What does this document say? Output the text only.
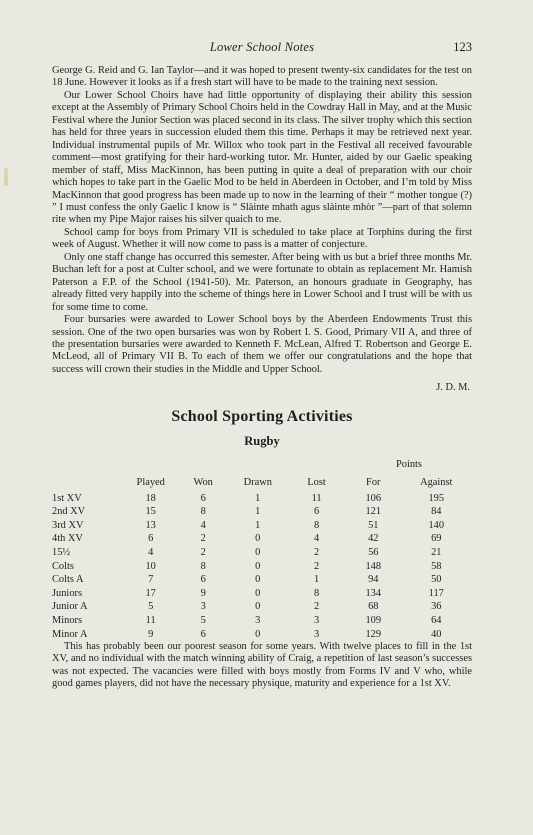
Lower School Notes	123

George G. Reid and G. Ian Taylor—and it was hoped to present twenty-six candidates for the test on 18 June. However it looks as if a fresh start will have to be made to the training next session.

Our Lower School Choirs have had little opportunity of displaying their ability this session except at the Assembly of Primary School Choirs held in the Cowdray Hall in May, and at the Music Festival where the Junior Section was placed second in its class. The silver trophy which this section has held for three years in succession eluded them this time. Perhaps it may be retrieved next year. Individual instrumental pupils of Mr. Willox who took part in the Festival all received favourable comment—most gratifying for their hard-working tutor. Mr. Hunter, aided by our Gaelic speaking member of staff, Miss MacKinnon, has been putting in quite a deal of preparation with our choir which hopes to take part in the Gaelic Mod to be held in Aberdeen in October, and I’m told by Miss MacKinnon that good progress has been made up to now in the learning of their “ mother tongue (?) ” I must confess the only Gaelic I know is “ Slàinte mhath agus slàinte mhòr ”—part of that solemn rite when my Pipe Major raises his silver quaich to me.

School camp for boys from Primary VII is scheduled to take place at Torphins during the first week of August. Whether it will now come to pass is a matter of conjecture.

Only one staff change has occurred this semester. After being with us but a brief three months Mr. Buchan left for a post at Culter school, and we were fortunate to obtain as replacement Mr. Hamish Paterson a F.P. of the School (1941-50). Mr. Paterson, an honours graduate in Geography, has already fitted very happily into the scheme of things here in Lower School and I trust will be with us for some time to come.

Four bursaries were awarded to Lower School boys by the Aberdeen Endowments Trust this session. One of the two open bursaries was won by Robert I. S. Good, Primary VII A, and three of the presentation bursaries were awarded to Kenneth F. McLean, Alfred T. Robertson and George E. McLeod, all of Primary VII B. To each of them we offer our congratulations and the hope that success will crown their studies in the Middle and Upper School.

J. D. M.
School Sporting Activities
Rugby
					Points	
	Played	Won	Drawn	Lost	For	Against
1st XV	18	6	1	11	106	195
2nd XV	15	8	1	6	121	84
3rd XV	13	4	1	8	51	140
4th XV	6	2	0	4	42	69
15½	4	2	0	2	56	21
Colts	10	8	0	2	148	58
Colts A	7	6	0	1	94	50
Juniors	17	9	0	8	134	117
Junior A	5	3	0	2	68	36
Minors	11	5	3	3	109	64
Minor A	9	6	0	3	129	40

This has probably been our poorest season for some years. With twelve places to fill in the 1st XV, and no individual with the match winning ability of Craig, a repetition of last season’s successes was not expected. The vacancies were filled with boys mostly from Forms IV and V who, while good games players, did not have the necessary physique, maturity and experience for a 1st XV.
